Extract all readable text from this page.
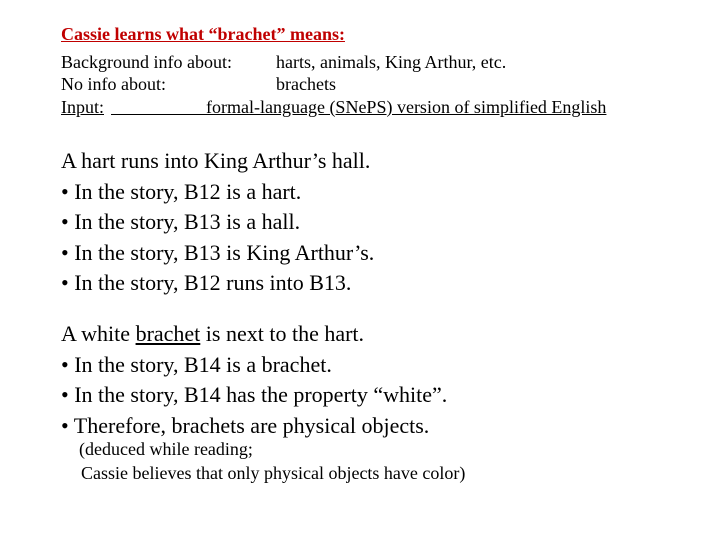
Cassie learns what “brachet” means:
Background info about: harts, animals, King Arthur, etc.
No info about:	brachets
Input:	formal-language (SNePS) version of simplified English
A hart runs into King Arthur’s hall.
• In the story, B12 is a hart.
• In the story, B13 is a hall.
• In the story, B13 is King Arthur’s.
• In the story, B12 runs into B13.
A white brachet is next to the hart.
• In the story, B14 is a brachet.
• In the story, B14 has the property “white”.
• Therefore, brachets are physical objects.
(deduced while reading;
Cassie believes that only physical objects have color)
